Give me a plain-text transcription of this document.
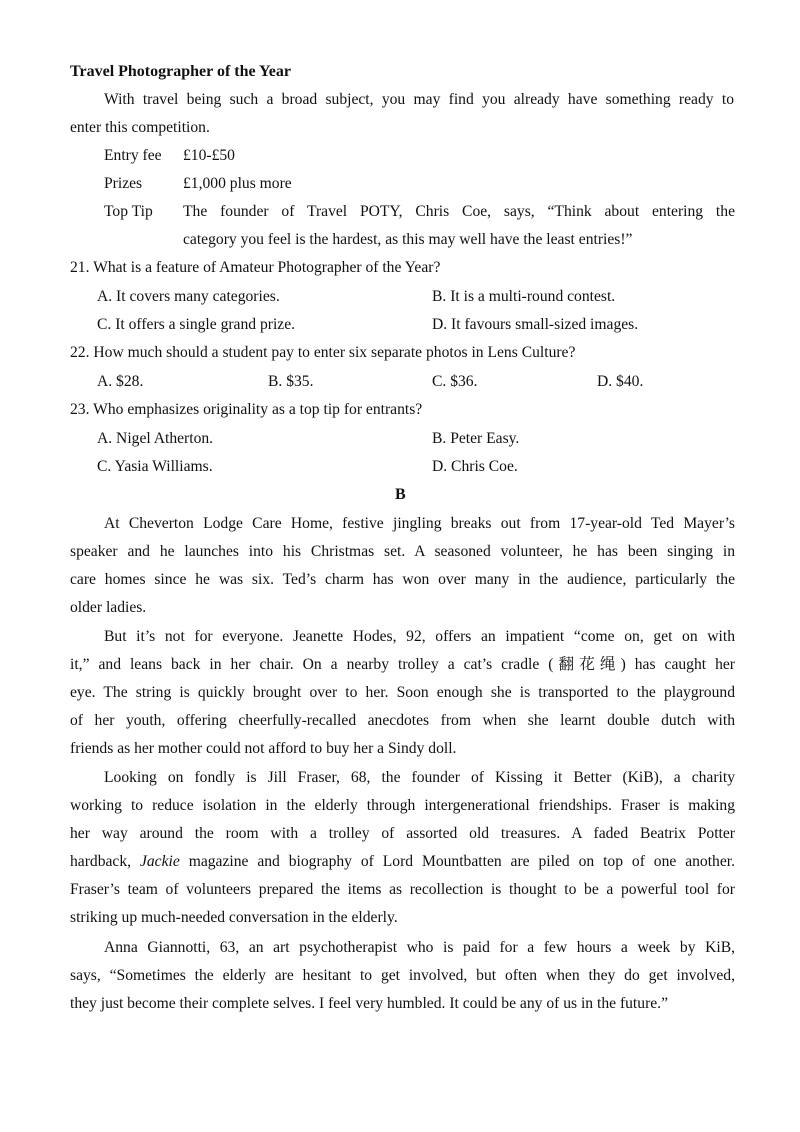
Travel Photographer of the Year
With travel being such a broad subject, you may find you already have something ready to
enter this competition.
Entry fee £10-£50
Prizes	£1,000 plus more
Top Tip The founder of Travel POTY, Chris Coe, says, “Think about entering the
category you feel is the hardest, as this may well have the least entries!”
21. What is a feature of Amateur Photographer of the Year?
A. It covers many categories.	B. It is a multi-round contest.
C. It offers a single grand prize.	D. It favours small-sized images.
22. How much should a student pay to enter six separate photos in Lens Culture?
A. $28.	B. $35.	C. $36.	D. $40.
23. Who emphasizes originality as a top tip for entrants?
A. Nigel Atherton.	B. Peter Easy.
C. Yasia Williams.	D. Chris Coe.
B
At Cheverton Lodge Care Home, festive jingling breaks out from 17-year-old Ted Mayer’s
speaker and he launches into his Christmas set. A seasoned volunteer, he has been singing in
care homes since he was six. Ted’s charm has won over many in the audience, particularly the
older ladies.
But it’s not for everyone. Jeanette Hodes, 92, offers an impatient “come on, get on with
it,” and leans back in her chair. On a nearby trolley a cat’s cradle (翻花绳) has caught her
eye. The string is quickly brought over to her. Soon enough she is transported to the playground
of her youth, offering cheerfully-recalled anecdotes from when she learnt double dutch with
friends as her mother could not afford to buy her a Sindy doll.
Looking on fondly is Jill Fraser, 68, the founder of Kissing it Better (KiB), a charity
working to reduce isolation in the elderly through intergenerational friendships. Fraser is making
her way around the room with a trolley of assorted old treasures. A faded Beatrix Potter
hardback, Jackie magazine and biography of Lord Mountbatten are piled on top of one another.
Fraser’s team of volunteers prepared the items as recollection is thought to be a powerful tool for
striking up much-needed conversation in the elderly.
Anna Giannotti, 63, an art psychotherapist who is paid for a few hours a week by KiB,
says, “Sometimes the elderly are hesitant to get involved, but often when they do get involved,
they just become their complete selves. I feel very humbled. It could be any of us in the future.”
